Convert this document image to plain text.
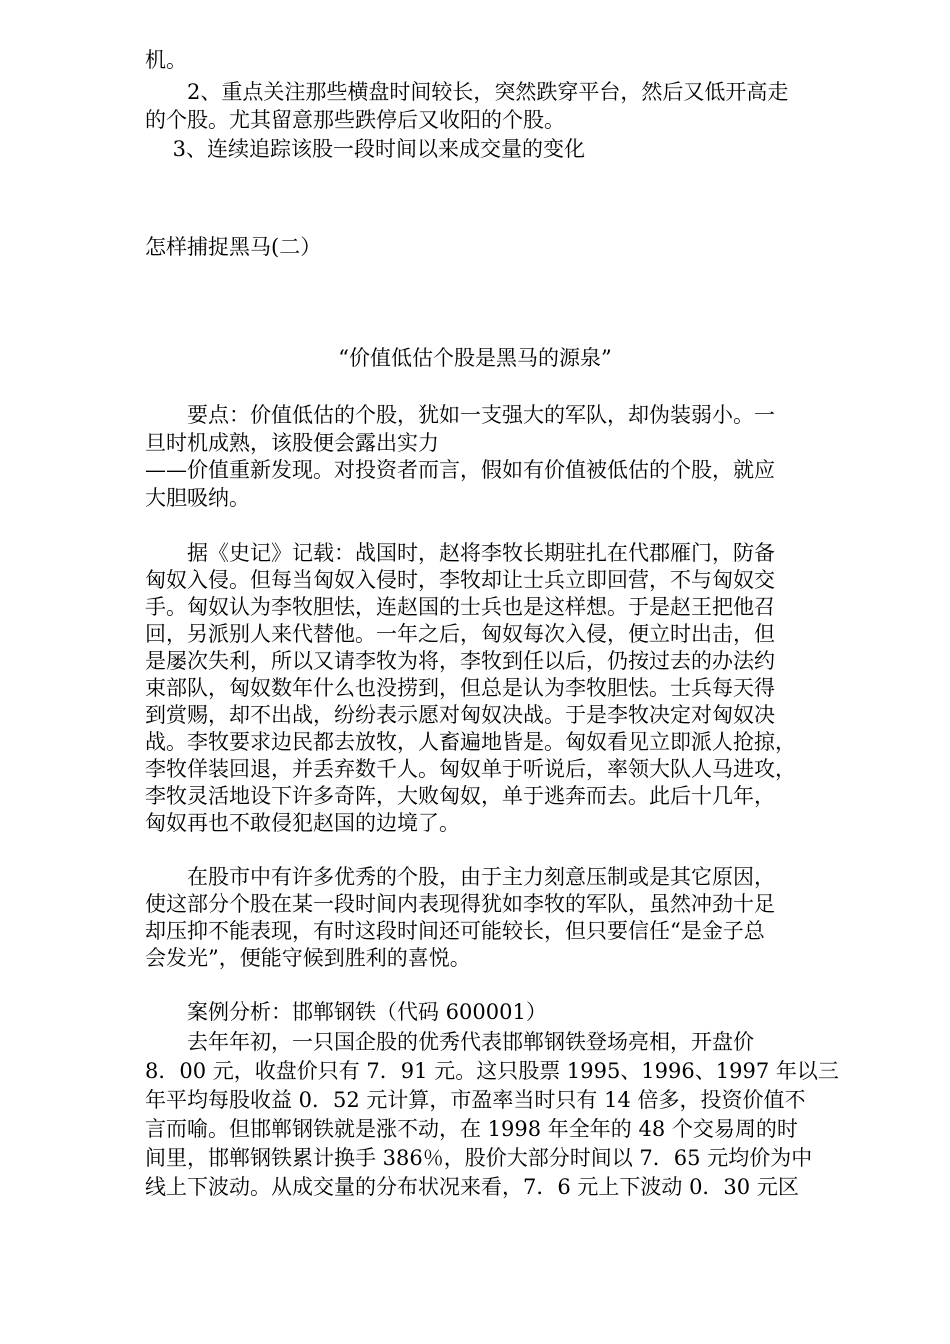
机。
　　2、重点关注那些横盘时间较长，突然跌穿平台，然后又低开高走
的个股。尤其留意那些跌停后又收阳的个股。
　 3、连续追踪该股一段时间以来成交量的变化
怎样捕捉黑马(二）
“价值低估个股是黑马的源泉”
　　要点：价值低估的个股，犹如一支强大的军队，却伪装弱小。一
旦时机成熟，该股便会露出实力
——价值重新发现。对投资者而言，假如有价值被低估的个股，就应
大胆吸纳。
　　据《史记》记载：战国时，赵将李牧长期驻扎在代郡雁门，防备
匈奴入侵。但每当匈奴入侵时，李牧却让士兵立即回营，不与匈奴交
手。匈奴认为李牧胆怯，连赵国的士兵也是这样想。于是赵王把他召
回，另派别人来代替他。一年之后，匈奴每次入侵，便立时出击，但
是屡次失利，所以又请李牧为将，李牧到任以后，仍按过去的办法约
束部队，匈奴数年什么也没捞到，但总是认为李牧胆怯。士兵每天得
到赏赐，却不出战，纷纷表示愿对匈奴决战。于是李牧决定对匈奴决
战。李牧要求边民都去放牧，人畜遍地皆是。匈奴看见立即派人抢掠，
李牧佯装回退，并丢弃数千人。匈奴单于听说后，率领大队人马进攻，
李牧灵活地设下许多奇阵，大败匈奴，单于逃奔而去。此后十几年，
匈奴再也不敢侵犯赵国的边境了。
　　在股市中有许多优秀的个股，由于主力刻意压制或是其它原因，
使这部分个股在某一段时间内表现得犹如李牧的军队，虽然冲劲十足
却压抑不能表现，有时这段时间还可能较长，但只要信任“是金子总
会发光”，便能守候到胜利的喜悦。
　　案例分析：邯郸钢铁（代码 600001）
　　去年年初，一只国企股的优秀代表邯郸钢铁登场亮相，开盘价
8．00 元，收盘价只有 7．91 元。这只股票 1995、1996、1997 年以三
年平均每股收益 0．52 元计算，市盈率当时只有 14 倍多，投资价值不
言而喻。但邯郸钢铁就是涨不动，在 1998 年全年的 48 个交易周的时
间里，邯郸钢铁累计换手 386％，股价大部分时间以 7．65 元均价为中
线上下波动。从成交量的分布状况来看，7．6 元上下波动 0．30 元区
